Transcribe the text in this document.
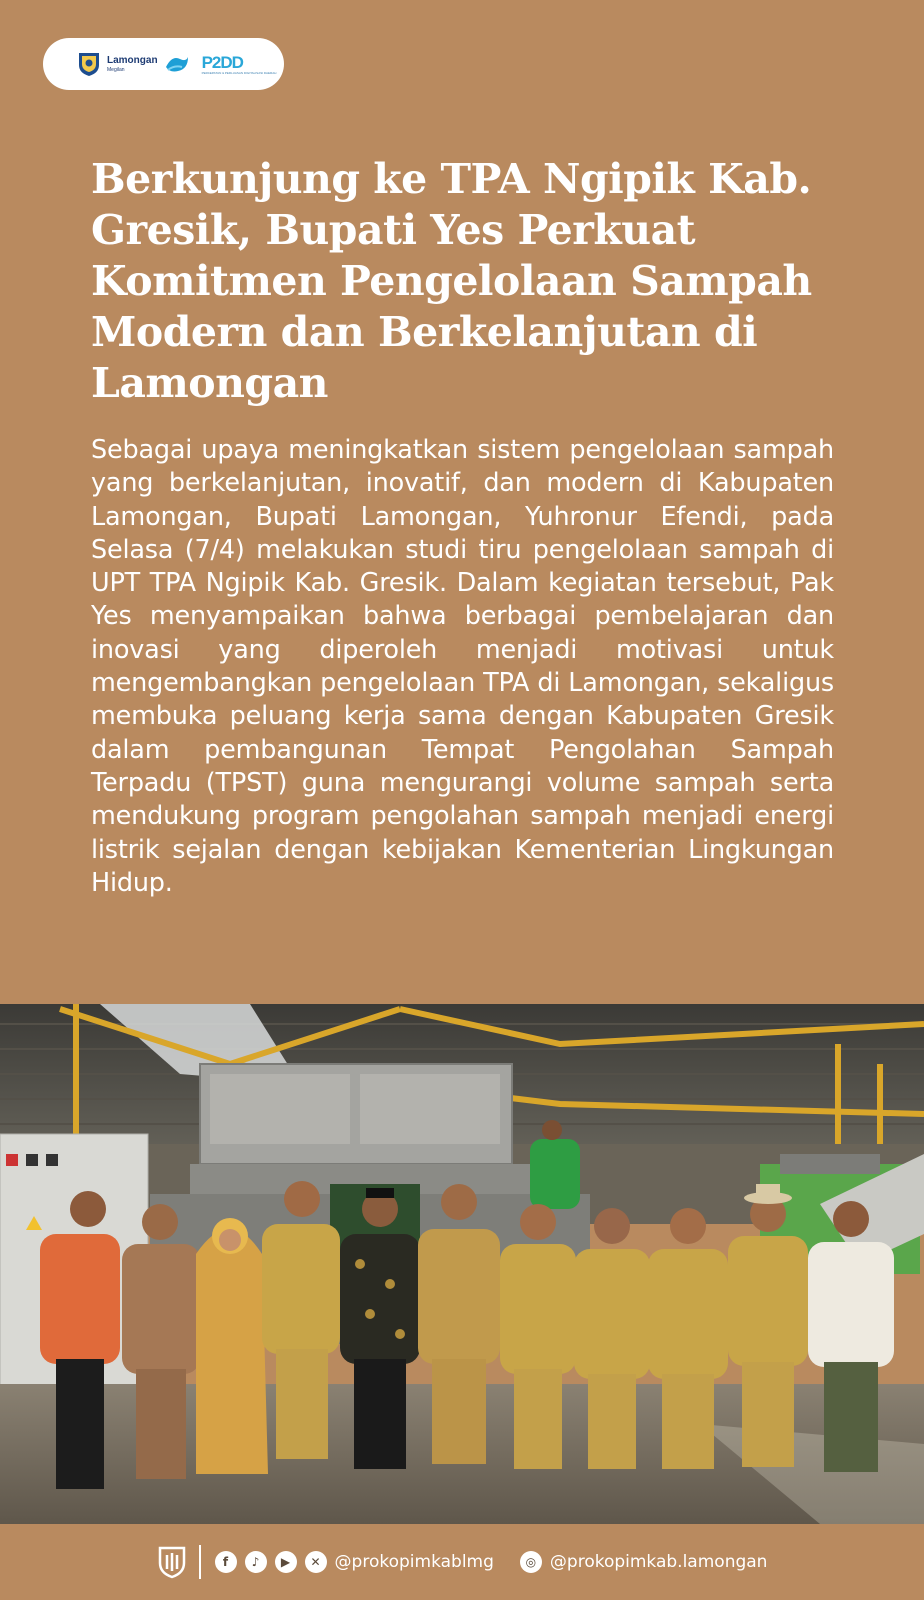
Lamongan
Megilan	P2DD
PERCEPATAN & PERLUASAN DIGITALISASI DAERAH
Berkunjung ke TPA Ngipik Kab. Gresik, Bupati Yes Perkuat Komitmen Pengelolaan Sampah Modern dan Berkelanjutan di Lamongan

Sebagai upaya meningkatkan sistem pengelolaan sampah yang berkelanjutan, inovatif, dan modern di Kabupaten Lamongan, Bupati Lamongan, Yuhronur Efendi, pada Selasa (7/4) melakukan studi tiru pengelolaan sampah di UPT TPA Ngipik Kab. Gresik. Dalam kegiatan tersebut, Pak Yes menyampaikan bahwa berbagai pembelajaran dan inovasi yang diperoleh menjadi motivasi untuk mengembangkan pengelolaan TPA di Lamongan, sekaligus membuka peluang kerja sama dengan Kabupaten Gresik dalam pembangunan Tempat Pengolahan Sampah Terpadu (TPST) guna mengurangi volume sampah serta mendukung program pengolahan sampah menjadi energi listrik sejalan dengan kebijakan Kementerian Lingkungan Hidup.

f	♪	▶	✕ @prokopimkablmg	◎ @prokopimkab.lamongan
